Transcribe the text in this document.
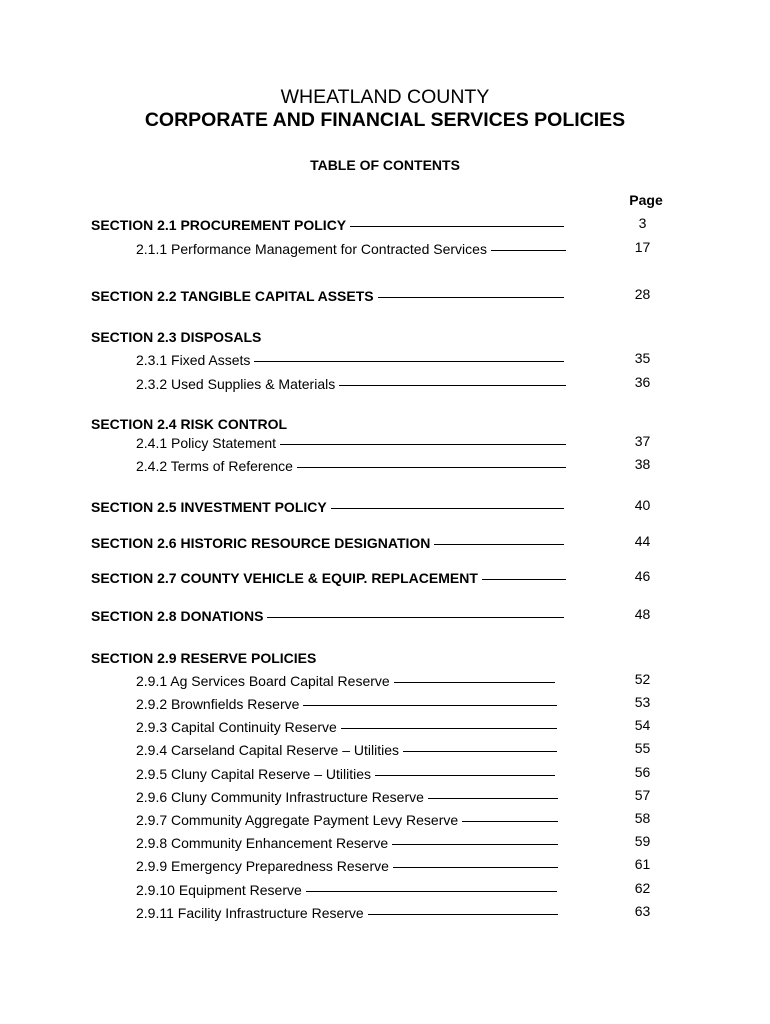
WHEATLAND COUNTY
CORPORATE AND FINANCIAL SERVICES POLICIES
TABLE OF CONTENTS
Page
SECTION 2.1 PROCUREMENT POLICY	3
2.1.1 Performance Management for Contracted Services	17
SECTION 2.2 TANGIBLE CAPITAL ASSETS	28
SECTION 2.3 DISPOSALS
2.3.1 Fixed Assets	35
2.3.2 Used Supplies & Materials	36
SECTION 2.4 RISK CONTROL
2.4.1 Policy Statement	37
2.4.2 Terms of Reference	38
SECTION 2.5 INVESTMENT POLICY	40
SECTION 2.6 HISTORIC RESOURCE DESIGNATION	44
SECTION 2.7 COUNTY VEHICLE & EQUIP. REPLACEMENT	46
SECTION 2.8 DONATIONS	48
SECTION 2.9 RESERVE POLICIES
2.9.1 Ag Services Board Capital Reserve	52
2.9.2 Brownfields Reserve	53
2.9.3 Capital Continuity Reserve	54
2.9.4 Carseland Capital Reserve – Utilities	55
2.9.5 Cluny Capital Reserve – Utilities	56
2.9.6 Cluny Community Infrastructure Reserve	57
2.9.7 Community Aggregate Payment Levy Reserve	58
2.9.8 Community Enhancement Reserve	59
2.9.9 Emergency Preparedness Reserve	61
2.9.10 Equipment Reserve	62
2.9.11 Facility Infrastructure Reserve	63
